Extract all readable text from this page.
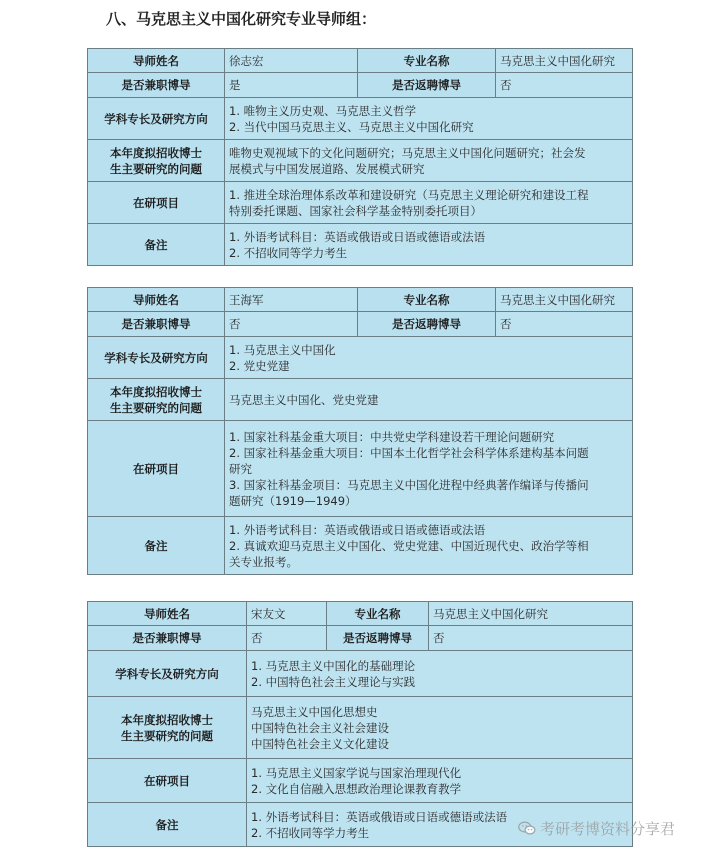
八、马克思主义中国化研究专业导师组：
导师姓名	徐志宏	专业名称	马克思主义中国化研究
是否兼职博导	是	是否返聘博导	否
学科专长及研究方向	1. 唯物主义历史观、马克思主义哲学
2. 当代中国马克思主义、马克思主义中国化研究		

本年度拟招收博士
生主要研究的问题	唯物史观视域下的文化问题研究；马克思主义中国化问题研究；社会发
展模式与中国发展道路、发展模式研究		

在研项目	1. 推进全球治理体系改革和建设研究（马克思主义理论研究和建设工程
特别委托课题、国家社会科学基金特别委托项目）		

备注	1. 外语考试科目：英语或俄语或日语或德语或法语
2. 不招收同等学力考生		
导师姓名	王海军	专业名称	马克思主义中国化研究
是否兼职博导	否	是否返聘博导	否
学科专长及研究方向	1. 马克思主义中国化
2. 党史党建		

本年度拟招收博士
生主要研究的问题	马克思主义中国化、党史党建		

在研项目	1. 国家社科基金重大项目：中共党史学科建设若干理论问题研究
2. 国家社科基金重大项目：中国本土化哲学社会科学体系建构基本问题
研究
3. 国家社科基金项目：马克思主义中国化进程中经典著作编译与传播问
题研究（1919—1949）		

备注	1. 外语考试科目：英语或俄语或日语或德语或法语
2. 真诚欢迎马克思主义中国化、党史党建、中国近现代史、政治学等相
关专业报考。		
导师姓名	宋友文	专业名称	马克思主义中国化研究
是否兼职博导	否	是否返聘博导	否
学科专长及研究方向	1. 马克思主义中国化的基础理论
2. 中国特色社会主义理论与实践		

本年度拟招收博士
生主要研究的问题	马克思主义中国化思想史
中国特色社会主义社会建设
中国特色社会主义文化建设		

在研项目	1. 马克思主义国家学说与国家治理现代化
2. 文化自信融入思想政治理论课教育教学		

备注	1. 外语考试科目：英语或俄语或日语或德语或法语
2. 不招收同等学力考生			考研考博资料分享君
